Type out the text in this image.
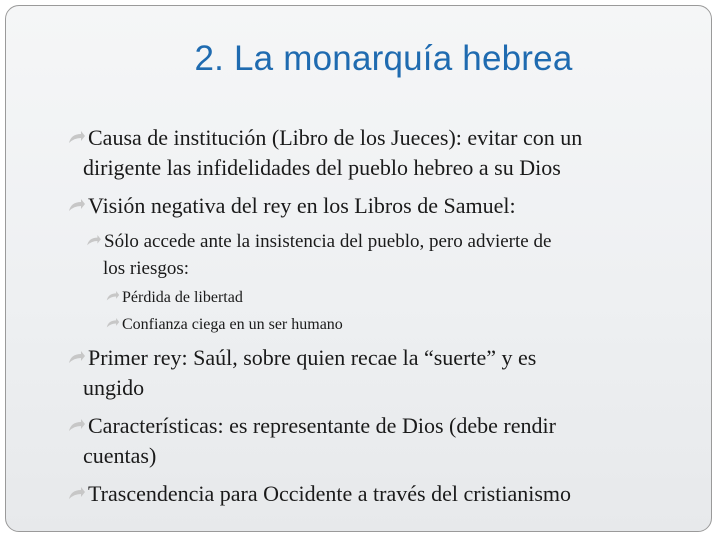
2. La monarquía hebrea
Causa de institución (Libro de los Jueces): evitar con un
dirigente las infidelidades del pueblo hebreo a su Dios
Visión negativa del rey en los Libros de Samuel:
Sólo accede ante la insistencia del pueblo, pero advierte de
los riesgos:
Pérdida de libertad
Confianza ciega en un ser humano
Primer rey: Saúl, sobre quien recae la “suerte” y es
ungido
Características: es representante de Dios (debe rendir
cuentas)
Trascendencia para Occidente a través del cristianismo
